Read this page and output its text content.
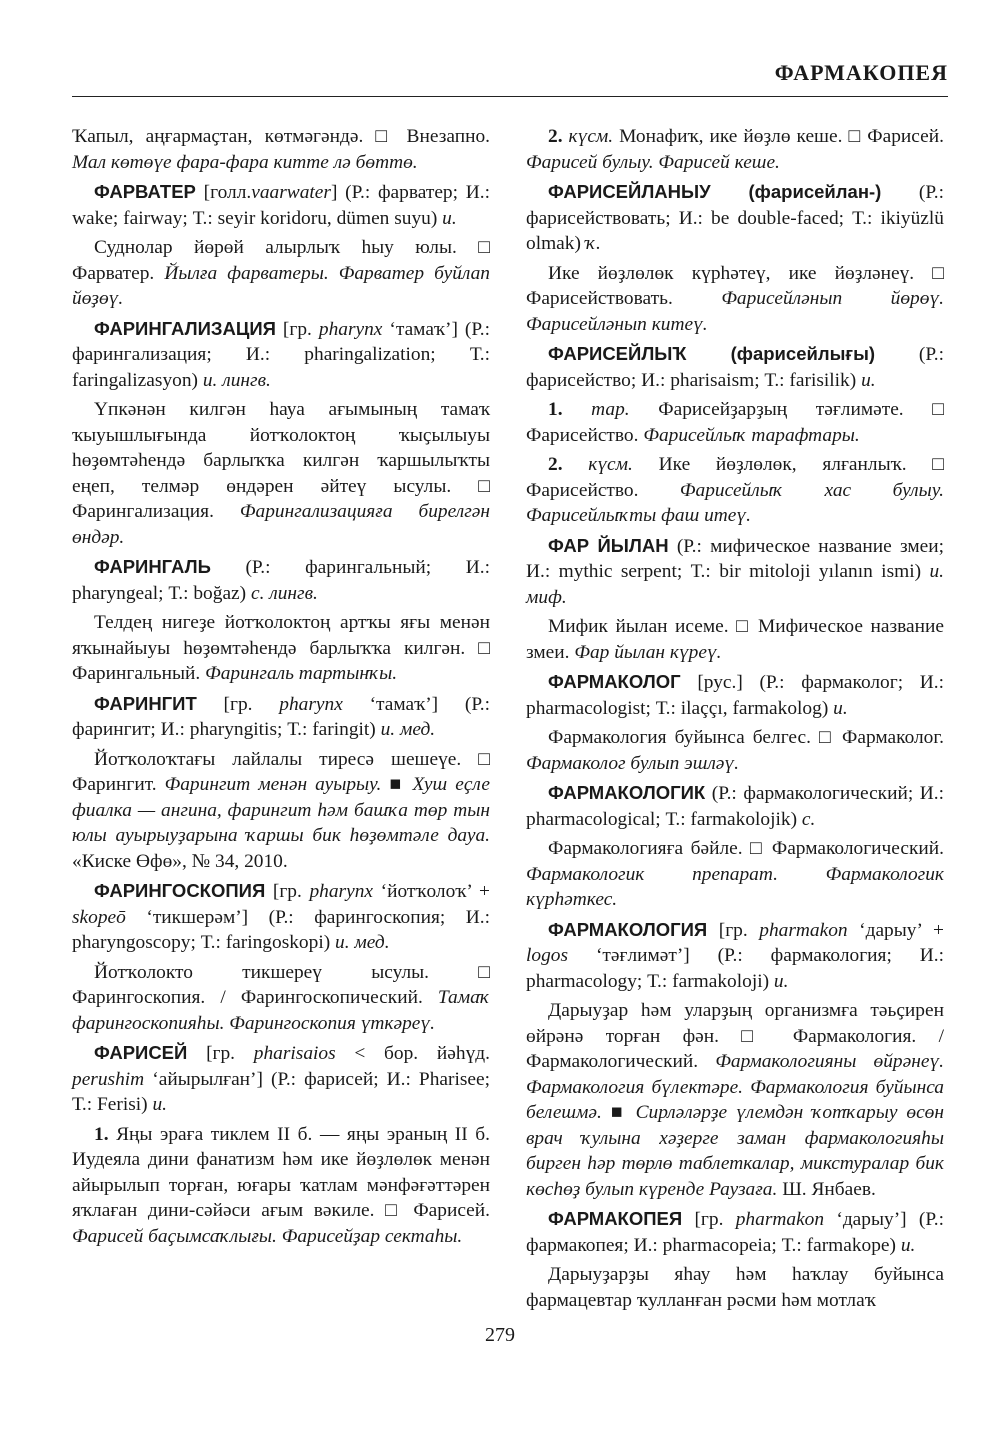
ФАРМАКОПЕЯ

Ҡапыл, аңғармаҫтан, көтмәгәндә. □ Внезапно. Мал көтөүе фара-фара китте лә бөттө.

ФАРВАТЕР [голл.vaarwater] (Р.: фарватер; И.: wake; fairway; Т.: seyir koridoru, dümen suyu) и.

Суднолар йөрөй алырлыҡ һыу юлы. □ Фарватер. Йылға фарватеры. Фарватер буйлап йөҙөү.

ФАРИНГАЛИЗАЦИЯ [гр. pharynx ‘тамаҡ’] (Р.: фарингализация; И.: pharingalization; Т.: faringalizasyon) и. лингв.

Үпкәнән килгән һауа ағымының тамаҡ ҡыуышлығында йотҡолоктоң ҡыҫылыуы һөҙөмтәһендә барлыҡҡа килгән ҡаршылыҡты еңеп, телмәр өндәрен әйтеү ысулы. □ Фарингализация. Фарингализацияға бирелгән өндәр.

ФАРИНГАЛЬ (Р.: фарингальный; И.: pharyngeal; Т.: boğaz) с. лингв.

Телдең нигеҙе йотҡолоктоң артҡы яғы менән яҡынайыуы һөҙөмтәһендә барлыҡҡа килгән. □ Фарингальный. Фарингаль тартынҡы.

ФАРИНГИТ [гр. pharynx ‘тамаҡ’] (Р.: фарингит; И.: pharyngitis; Т.: faringit) и. мед.

Йотҡолоҡтағы лайлалы тиресә шешеүе. □ Фарингит. Фарингит менән ауырыу. ■ Хуш еҫле фиалка — ангина, фарингит һәм башҡа төр тын юлы ауырыуҙарына ҡаршы бик һөҙөмтәле дауа. «Киске Өфө», № 34, 2010.

ФАРИНГОСКОПИЯ [гр. pharynx ‘йотҡолоҡ’ + skopeō ‘тикшерәм’] (Р.: фарингоскопия; И.: pharyngoscopy; Т.: faringoskopi) и. мед.

Йотҡолокто тикшереү ысулы. □ Фарингоскопия. / Фарингоскопический. Тамаҡ фарингоскопияһы. Фарингоскопия үткәреү.

ФАРИСЕЙ [гр. pharisaios < бор. йәһүд. perushim ‘айырылған’] (Р.: фарисей; И.: Pharisee; Т.: Ferisi) и.

1. Яңы эраға тиклем II б. — яңы эраның II б. Иудеяла дини фанатизм һәм ике йөҙлөлөк менән айырылып торған, юғары ҡатлам мәнфәғәттәрен яҡлаған дини-сәйәси ағым вәкиле. □ Фарисей. Фарисей баҫымсаҡлығы. Фарисейҙар сектаһы.

2. күсм. Монафиҡ, ике йөҙлө кеше. □ Фарисей. Фарисей булыу. Фарисей кеше.

ФАРИСЕЙЛАНЫУ (фарисейлан-) (Р.: фарисействовать; И.: be double-faced; Т.: ikiyüzlü olmak) ҡ.

Ике йөҙлөлөк күрһәтеү, ике йөҙләнеү. □ Фарисействовать.	Фарисейләнып йөрөү. Фарисейләнып китеү.

ФАРИСЕЙЛЫҠ (фарисейлығы) (Р.: фарисейство; И.: pharisaism; Т.: farisilik) и.

1. тар. Фарисейҙарҙың тәғлимәте. □ Фарисейство. Фарисейлыҡ тарафтары.

2. күсм. Ике йөҙлөлөк, ялғанлыҡ. □ Фарисейство. Фарисейлыҡ хас булыу. Фарисейлыҡты фаш итеү.

ФАР ЙЫЛАН (Р.: мифическое название змеи; И.: mythic serpent; Т.: bir mitoloji yılanın ismi) и. миф.

Мифик йылан исеме. □ Мифическое название змеи. Фар йылан күреү.

ФАРМАКОЛОГ [рус.] (Р.: фармаколог; И.: pharmacologist; Т.: ilaççı, farmakolog) и.

Фармакология буйынса белгес. □ Фармаколог. Фармаколог булып эшләү.

ФАРМАКОЛОГИК (Р.: фармакологический; И.: pharmacological; Т.: farmakolojik) с.

Фармакологияға бәйле. □ Фармакологический. Фармакологик препарат. Фармакологик күрһәткес.

ФАРМАКОЛОГИЯ [гр. pharmakon ‘дарыу’ + logos ‘тәғлимәт’] (Р.: фармакология; И.: pharmacology; Т.: farmakoloji) и.

Дарыуҙар һәм уларҙың организмға тәьҫирен өйрәнә торған фән. □ Фармакология. / Фармакологический. Фармакологияны өйрәнеү. Фармакология бүлектәре. Фармакология буйынса белешмә. ■ Сирләләрҙе үлемдән ҡотҡарыу өсөн врач ҡулына хәҙерге заман фармакологияһы бирген һәр төрлө таблеткалар, микстуралар бик көсһөҙ булып күренде Раузаға. Ш. Янбаев.

ФАРМАКОПЕЯ [гр. pharmakon ‘дарыу’] (Р.: фармакопея; И.: pharmacopeia; Т.: farmakope) и.

Дарыуҙарҙы яһау һәм һаҡлау буйынса фармацевтар ҡулланған рәсми һәм мотлаҡ

279
